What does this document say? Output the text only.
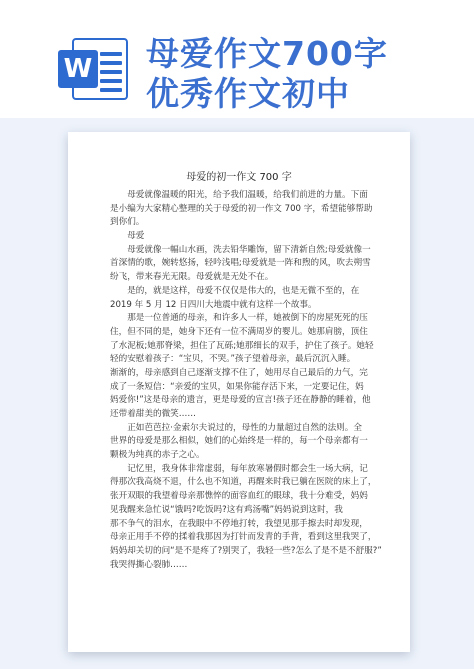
W 母爱作文700字
优秀作文初中
母爱的初一作文 700 字
　　母爱就像温暖的阳光，给予我们温暖，给我们前进的力量。下面
是小编为大家精心整理的关于母爱的初一作文 700 字，希望能够帮助
到你们。
　　母爱
　　母爱就像一幅山水画，洗去铅华雕饰，留下清新自然;母爱就像一
首深情的歌，婉转悠扬，轻吟浅唱;母爱就是一阵和煦的风，吹去朔雪
纷飞，带来春光无限。母爱就是无处不在。
　　是的，就是这样，母爱不仅仅是伟大的，也是无微不至的，在
2019 年 5 月 12 日四川大地震中就有这样一个故事。
　　那是一位普通的母亲，和许多人一样，她被倒下的房屋死死的压
住，但不同的是，她身下还有一位不满周岁的婴儿。她那肩膀，顶住
了水泥板;她那脊梁，担住了瓦砾;她那细长的双手，护住了孩子。她轻
轻的安慰着孩子：“宝贝，不哭。”孩子望着母亲，最后沉沉入睡。
渐渐的，母亲感到自己逐渐支撑不住了，她用尽自己最后的力气，完
成了一条短信：“亲爱的宝贝，如果你能存活下来，一定要记住，妈
妈爱你!”这是母亲的遗言，更是母爱的宣言!孩子还在静静的睡着，他
还带着甜美的微笑……
　　正如芭芭拉·金索尔夫说过的，母性的力量超过自然的法则。全
世界的母爱是那么相似，她们的心始终是一样的，每一个母亲都有一
颗极为纯真的赤子之心。
　　记忆里，我身体非常虚弱，每年放寒暑假时都会生一场大病，记
得那次我高烧不退，什么也不知道，再醒来时我已躺在医院的床上了，
张开双眼的我望着母亲那憔悴的面容血红的眼球，我十分难受，妈妈
见我醒来急忙说“饿吗?吃饭吗?这有鸡汤嘴”妈妈说到这时，我
那不争气的泪水，在我眼中不停地打转，我望见那手擦去时却发现，
母亲正用手不停的揉着我那因为打针而发青的手背，看到这里我哭了，
妈妈却关切的问“是不是疼了?别哭了，我轻一些?怎么了是不是不舒服?”
我哭得撕心裂肺……
